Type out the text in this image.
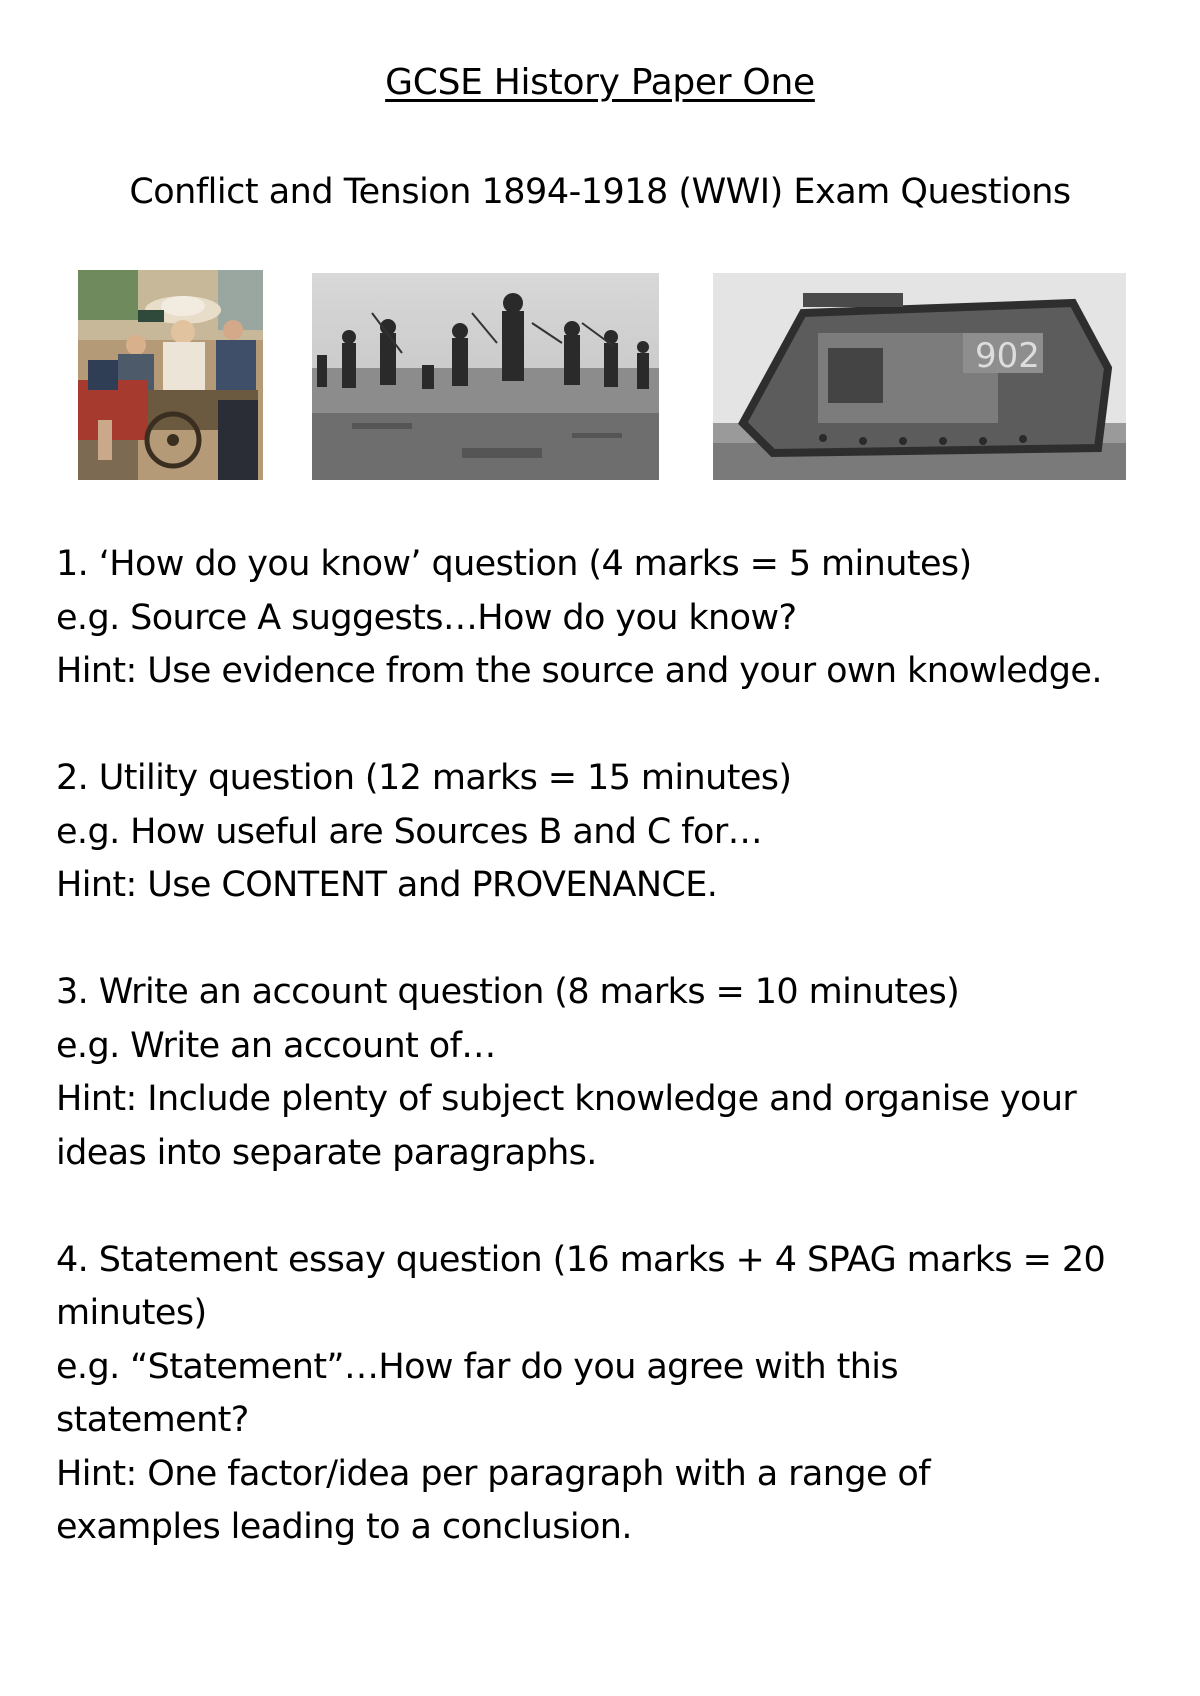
GCSE History Paper One
Conflict and Tension 1894-1918 (WWI) Exam Questions
902
1. ‘How do you know’ question (4 marks = 5 minutes)
e.g. Source A suggests…How do you know?
Hint: Use evidence from the source and your own knowledge.
2. Utility question (12 marks = 15 minutes)
e.g. How useful are Sources B and C for…
Hint: Use CONTENT and PROVENANCE.
3. Write an account question (8 marks = 10 minutes)
e.g. Write an account of…
Hint: Include plenty of subject knowledge and organise your
ideas into separate paragraphs.
4. Statement essay question (16 marks + 4 SPAG marks = 20
minutes)
e.g. “Statement”…How far do you agree with this
statement?
Hint: One factor/idea per paragraph with a range of
examples leading to a conclusion.
